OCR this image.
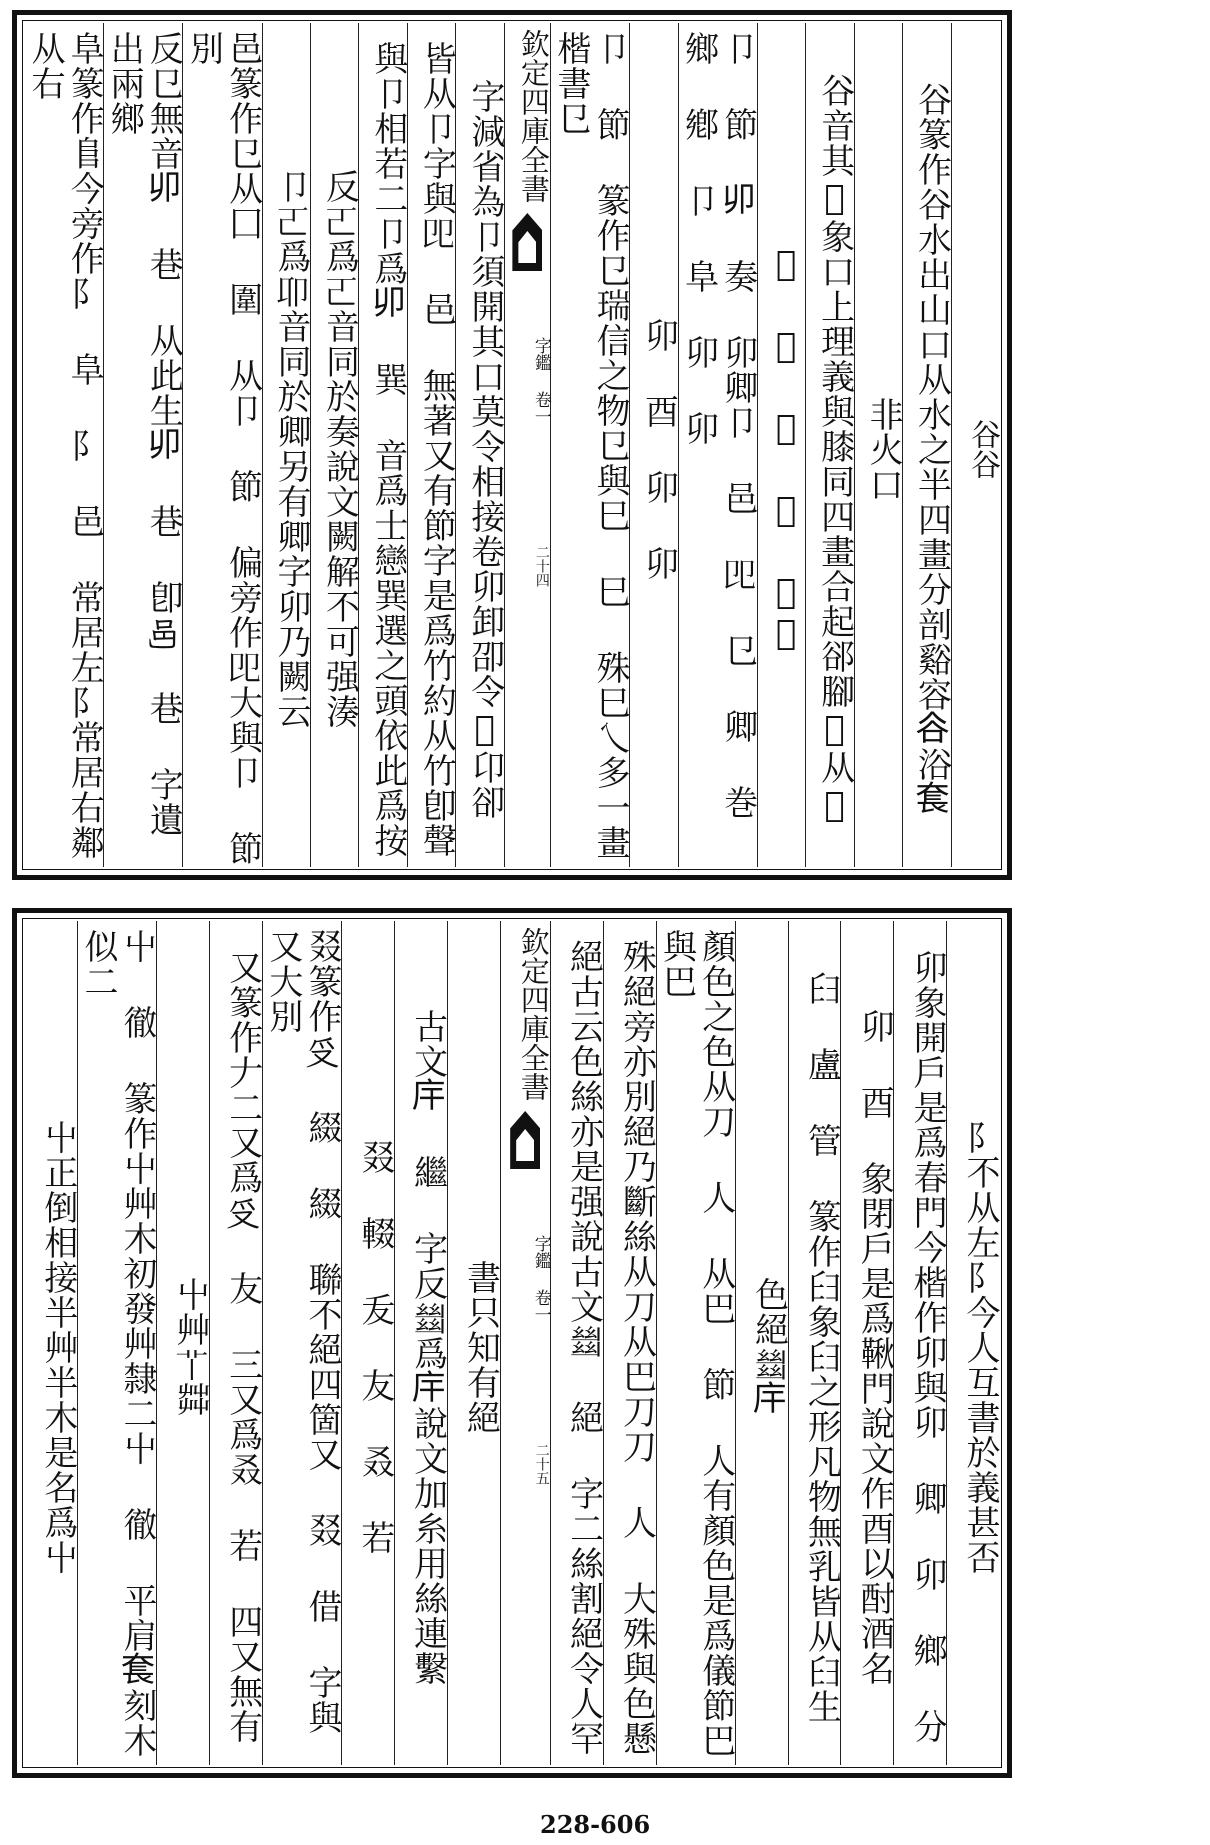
谷谷
谷篆作谷水出山口从水之半四畫分剖谿容𧮫浴𡘷
非火口
谷音其𧆛象口上理義與膝同四畫合起郤腳𡘷从𠓜
𠄠 甜 𠓜 導 隸取
卩 節 𠨍 奏 卯卿卩 邑 𠨎 㔾 卿 巻 鄉 鄕 卩 阜 卯 卯
卯 酉 卯 卯
卩 節 篆作㔾瑞信之物㔾與巳 巳 殊巳乀多一畫楷書㔾
欽定四庫全書
字鑑 卷一
二十四
字減省為卩須開其口莫令相接卷卯卸卲令𠨐卬卻
皆从卩字與𠨎 邑 無著又有節字是爲竹約从竹卽聲
與卩相若二卩爲𠨍 巽 音爲士戀巽選之頭依此爲按
反𠀀爲𠀀音同於奏說文闕解不可强湊
卩𠀀爲𠨍音同於卿另有卿字卯乃闕云
邑篆作㔾从囗 圍 从卩 節 偏旁作𠨎大與卩 節 別
反㔾無音𠨍 巷 从此生𠨍 巷 卽𨙨 巷 字遺出兩鄉
阜篆作𨸏今旁作阝 阜 阝 邑 常居左阝常居右鄰从右
阝不从左阝今人互書於義甚否
卯象開戶是爲春門今楷作卯與卯 卿 卯 鄉 分
卯 酉 象閉戶是爲鞦門說文作酉以酎酒名
𦥑 盧 管 篆作𦥑象𦥑之形凡物無乳皆从𦥑生
色絕𢇍𢇛
顏色之色从刀 人 从巴 節 人有顏色是爲儀節巴與巴
殊絕旁亦別絕乃斷絲从刀从巴刀刀 人 大殊與色懸
絕古云色絲亦是强說古文𢇍 絕 字二絲割絕令人罕
欽定四庫全書
字鑑 卷一
二十五
書只知有絕
古文𢇛 繼 字反𢇍爲𢇛說文加糸用絲連繫
叕 輟 叐 友 叒 若
叕篆作𠬪 綴 綴 聯不絕四箇又 叕 借 字與又大別
又篆作𠂇二又爲𠬪 友 三又爲叒 若 四又無有
屮艸𦫳茻
屮 徹 篆作屮艸木初發艸隸二屮 徹 平肩𡘷刻木似二
屮正倒相接半艸半木是名爲屮
228-606
